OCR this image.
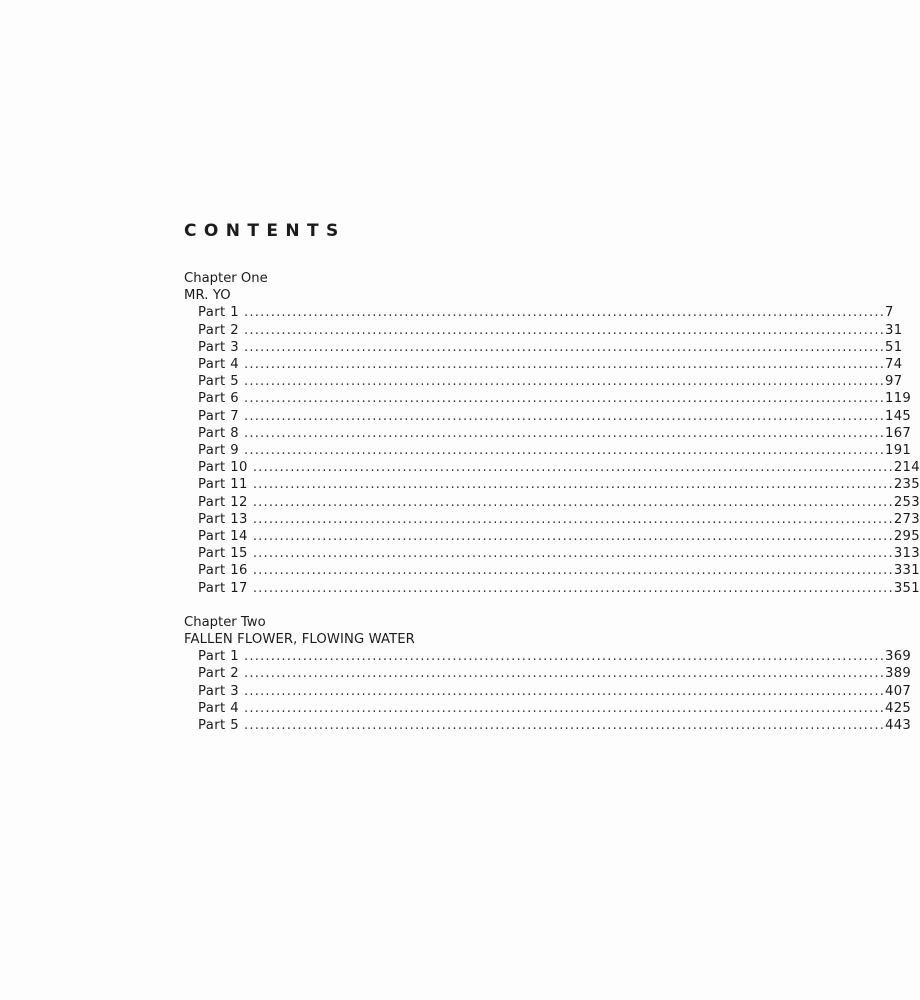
CONTENTS
Chapter One
MR. YO
Part 1 ........................................................................................................................ 7
Part 2 ........................................................................................................................ 31
Part 3 ........................................................................................................................ 51
Part 4 ........................................................................................................................ 74
Part 5 ........................................................................................................................ 97
Part 6 ........................................................................................................................ 119
Part 7 ........................................................................................................................ 145
Part 8 ........................................................................................................................ 167
Part 9 ........................................................................................................................ 191
Part 10 ........................................................................................................................ 214
Part 11 ........................................................................................................................ 235
Part 12 ........................................................................................................................ 253
Part 13 ........................................................................................................................ 273
Part 14 ........................................................................................................................ 295
Part 15 ........................................................................................................................ 313
Part 16 ........................................................................................................................ 331
Part 17 ........................................................................................................................ 351
Chapter Two
FALLEN FLOWER, FLOWING WATER
Part 1 ........................................................................................................................ 369
Part 2 ........................................................................................................................ 389
Part 3 ........................................................................................................................ 407
Part 4 ........................................................................................................................ 425
Part 5 ........................................................................................................................ 443
